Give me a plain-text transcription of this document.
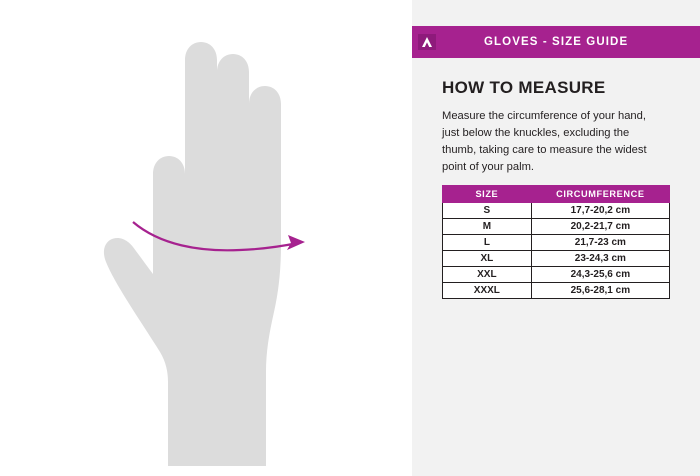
GLOVES - SIZE GUIDE
HOW TO MEASURE
Measure the circumference of your hand, just below the knuckles, excluding the thumb, taking care to measure the widest point of your palm.
SIZE	CIRCUMFERENCE
S	17,7-20,2 cm
M	20,2-21,7 cm
L	21,7-23 cm
XL	23-24,3 cm
XXL	24,3-25,6 cm
XXXL	25,6-28,1 cm
